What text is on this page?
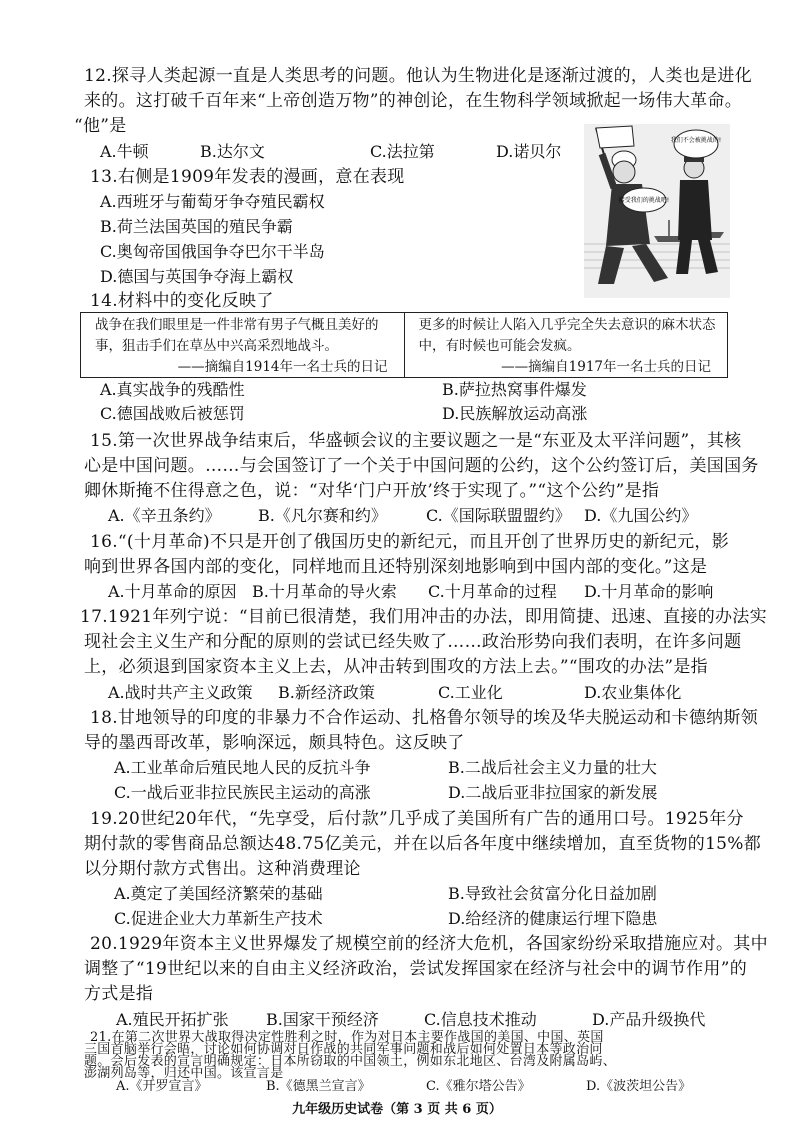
12.探寻人类起源一直是人类思考的问题。他认为生物进化是逐渐过渡的，人类也是进化
来的。这打破千百年来“上帝创造万物”的神创论，在生物科学领域掀起一场伟大革命。
“他”是
A.牛顿	B.达尔文	C.法拉第	D.诺贝尔
13.右侧是1909年发表的漫画，意在表现
A.西班牙与葡萄牙争夺殖民霸权
B.荷兰法国英国的殖民争霸
C.奥匈帝国俄国争夺巴尔干半岛
D.德国与英国争夺海上霸权
我们不会被挑战的!
接受我们的挑战吧!
14.材料中的变化反映了
战争在我们眼里是一件非常有男子气概且美好的事，狙击手们在草丛中兴高采烈地战斗。
——摘编自1914年一名士兵的日记
更多的时候让人陷入几乎完全失去意识的麻木状态中，有时候也可能会发疯。
——摘编自1917年一名士兵的日记
A.真实战争的残酷性	B.萨拉热窝事件爆发
C.德国战败后被惩罚	D.民族解放运动高涨
15.第一次世界战争结束后，华盛顿会议的主要议题之一是“东亚及太平洋问题”，其核
心是中国问题。……与会国签订了一个关于中国问题的公约，这个公约签订后，美国国务
卿休斯掩不住得意之色，说：“对华‘门户开放’终于实现了。”“这个公约”是指
A.《辛丑条约》 B.《凡尔赛和约》 C.《国际联盟盟约》 D.《九国公约》
16.“(十月革命)不只是开创了俄国历史的新纪元，而且开创了世界历史的新纪元，影
响到世界各国内部的变化，同样地而且还特别深刻地影响到中国内部的变化。”这是
A.十月革命的原因 B.十月革命的导火索 C.十月革命的过程 D.十月革命的影响
17.1921年列宁说：“目前已很清楚，我们用冲击的办法，即用简捷、迅速、直接的办法实
现社会主义生产和分配的原则的尝试已经失败了……政治形势向我们表明，在许多问题
上，必须退到国家资本主义上去，从冲击转到围攻的方法上去。”“围攻的办法”是指
A.战时共产主义政策 B.新经济政策	C.工业化	D.农业集体化
18.甘地领导的印度的非暴力不合作运动、扎格鲁尔领导的埃及华夫脱运动和卡德纳斯领
导的墨西哥改革，影响深远，颇具特色。这反映了
A.工业革命后殖民地人民的反抗斗争	B.二战后社会主义力量的壮大
C.一战后亚非拉民族民主运动的高涨	D.二战后亚非拉国家的新发展
19.20世纪20年代，“先享受，后付款”几乎成了美国所有广告的通用口号。1925年分
期付款的零售商品总额达48.75亿美元，并在以后各年度中继续增加，直至货物的15%都
以分期付款方式售出。这种消费理论
A.奠定了美国经济繁荣的基础	B.导致社会贫富分化日益加剧
C.促进企业大力革新生产技术	D.给经济的健康运行埋下隐患
20.1929年资本主义世界爆发了规模空前的经济大危机，各国家纷纷采取措施应对。其中
调整了“19世纪以来的自由主义经济政治，尝试发挥国家在经济与社会中的调节作用”的
方式是指
A.殖民开拓扩张 B.国家干预经济	C.信息技术推动	D.产品升级换代
21.在第二次世界大战取得决定性胜利之时，作为对日本主要作战国的美国、中国、英国
三国首脑举行会晤，讨论如何协调对日作战的共同军事问题和战后如何处置日本等政治问
题。会后发表的宣言明确规定：日本所窃取的中国领土，例如东北地区、台湾及附属岛屿、
澎湖列岛等，归还中国。该宣言是
A.《开罗宣言》	B.《德黑兰宣言》	C.《雅尔塔公告》	D.《波茨坦公告》
九年级历史试卷（第 3 页 共 6 页）
